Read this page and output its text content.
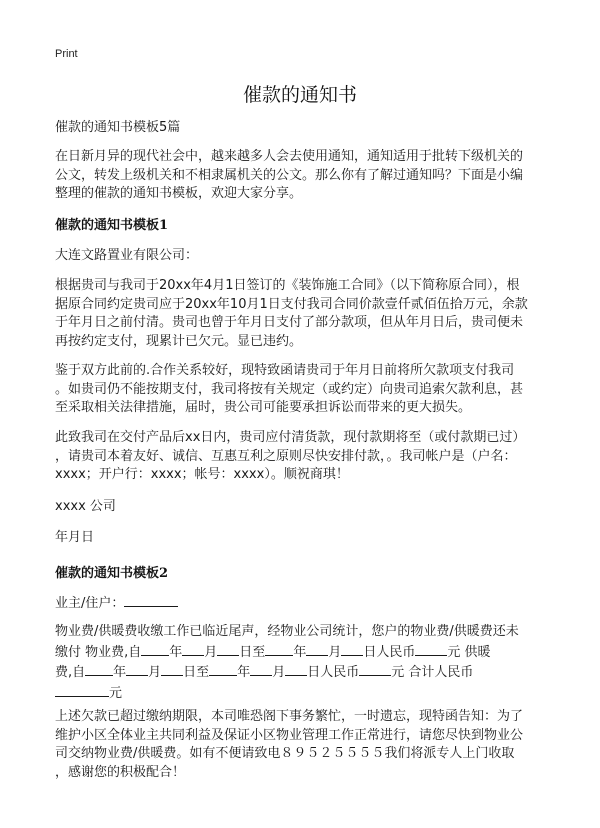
Print
催款的通知书
催款的通知书模板5篇
在日新月异的现代社会中，越来越多人会去使用通知，通知适用于批转下级机关的
公文，转发上级机关和不相隶属机关的公文。那么你有了解过通知吗？下面是小编
整理的催款的通知书模板，欢迎大家分享。
催款的通知书模板1
大连文路置业有限公司：
根据贵司与我司于20xx年4月1日签订的《装饰施工合同》（以下简称原合同），根
据原合同约定贵司应于20xx年10月1日支付我司合同价款壹仟贰佰伍拾万元，余款
于年月日之前付清。贵司也曾于年月日支付了部分款项，但从年月日后，贵司便未
再按约定支付，现累计已欠元。显已违约。
鉴于双方此前的.合作关系较好，现特致函请贵司于年月日前将所欠款项支付我司
。如贵司仍不能按期支付，我司将按有关规定（或约定）向贵司追索欠款利息，甚
至采取相关法律措施，届时，贵公司可能要承担诉讼而带来的更大损失。
此致我司在交付产品后xx日内，贵司应付清货款，现付款期将至（或付款期已过）
，请贵司本着友好、诚信、互惠互利之原则尽快安排付款，。我司帐户是（户名：
xxxx；开户行：xxxx；帐号：xxxx）。顺祝商琪！
xxxx 公司
年月日
催款的通知书模板2
业主/住户：
物业费/供暖费收缴工作已临近尾声，经物业公司统计，您户的物业费/供暖费还未
缴付 物业费,自 年 月 日至 年 月 日人民币 元 供暖
费,自 年 月 日至 年 月 日人民币 元 合计人民币
元
上述欠款已超过缴纳期限，本司唯恐阁下事务繁忙，一时遗忘，现特函告知：为了
维护小区全体业主共同利益及保证小区物业管理工作正常进行，请您尽快到物业公
司交纳物业费/供暖费。如有不便请致电８９５２５５５５我们将派专人上门收取
，感谢您的积极配合！
